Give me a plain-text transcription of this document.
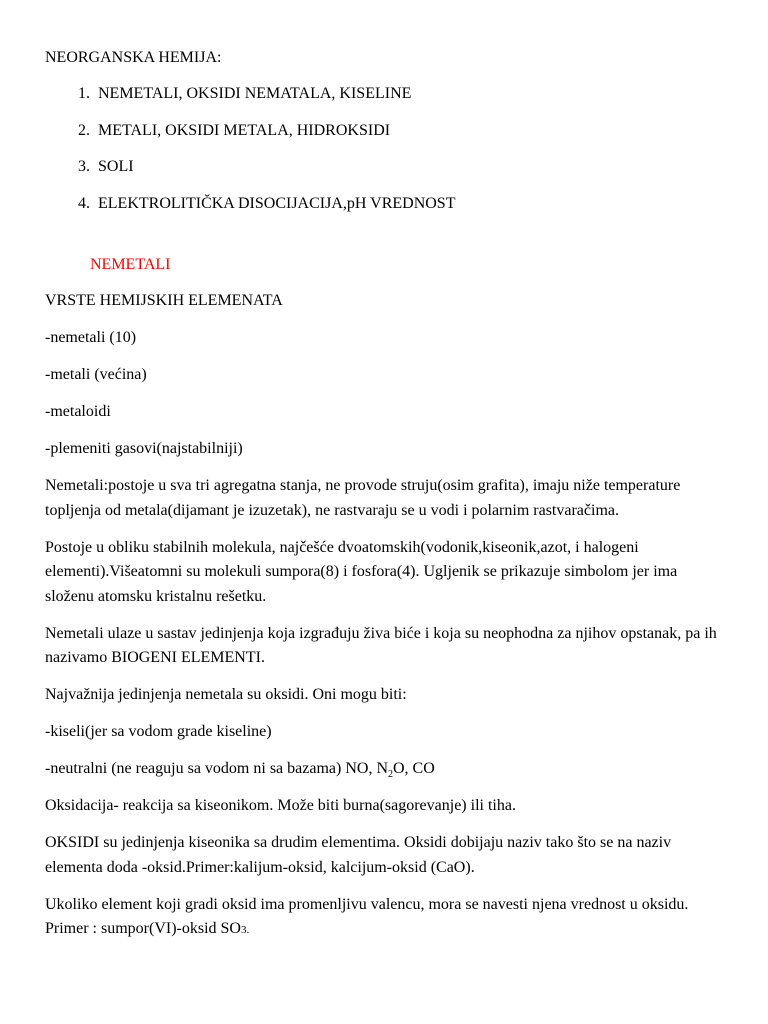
NEORGANSKA HEMIJA:

1. NEMETALI, OKSIDI NEMATALA, KISELINE
2. METALI, OKSIDI METALA, HIDROKSIDI
3. SOLI
4. ELEKTROLITIČKA DISOCIJACIJA,pH VREDNOST

NEMETALI

VRSTE HEMIJSKIH ELEMENATA

-nemetali (10)

-metali (većina)

-metaloidi

-plemeniti gasovi(najstabilniji)

Nemetali:postoje u sva tri agregatna stanja, ne provode struju(osim grafita), imaju niže temperature topljenja od metala(dijamant je izuzetak), ne rastvaraju se u vodi i polarnim rastvaračima.

Postoje u obliku stabilnih molekula, najčešće dvoatomskih(vodonik,kiseonik,azot, i halogeni elementi).Višeatomni su molekuli sumpora(8) i fosfora(4). Ugljenik se prikazuje simbolom jer ima složenu atomsku kristalnu rešetku.

Nemetali ulaze u sastav jedinjenja koja izgrađuju živa biće i koja su neophodna za njihov opstanak, pa ih nazivamo BIOGENI ELEMENTI.

Najvažnija jedinjenja nemetala su oksidi. Oni mogu biti:

-kiseli(jer sa vodom grade kiseline)

-neutralni (ne reaguju sa vodom ni sa bazama) NO, $N_2O$, CO

Oksidacija- reakcija sa kiseonikom. Može biti burna(sagorevanje) ili tiha.

OKSIDI su jedinjenja kiseonika sa drudim elementima. Oksidi dobijaju naziv tako što se na naziv elementa doda -oksid.Primer:kalijum-oksid, kalcijum-oksid (CaO).

Ukoliko element koji gradi oksid ima promenljivu valencu, mora se navesti njena vrednost u oksidu. Primer : sumpor(VI)-oksid SO3.
